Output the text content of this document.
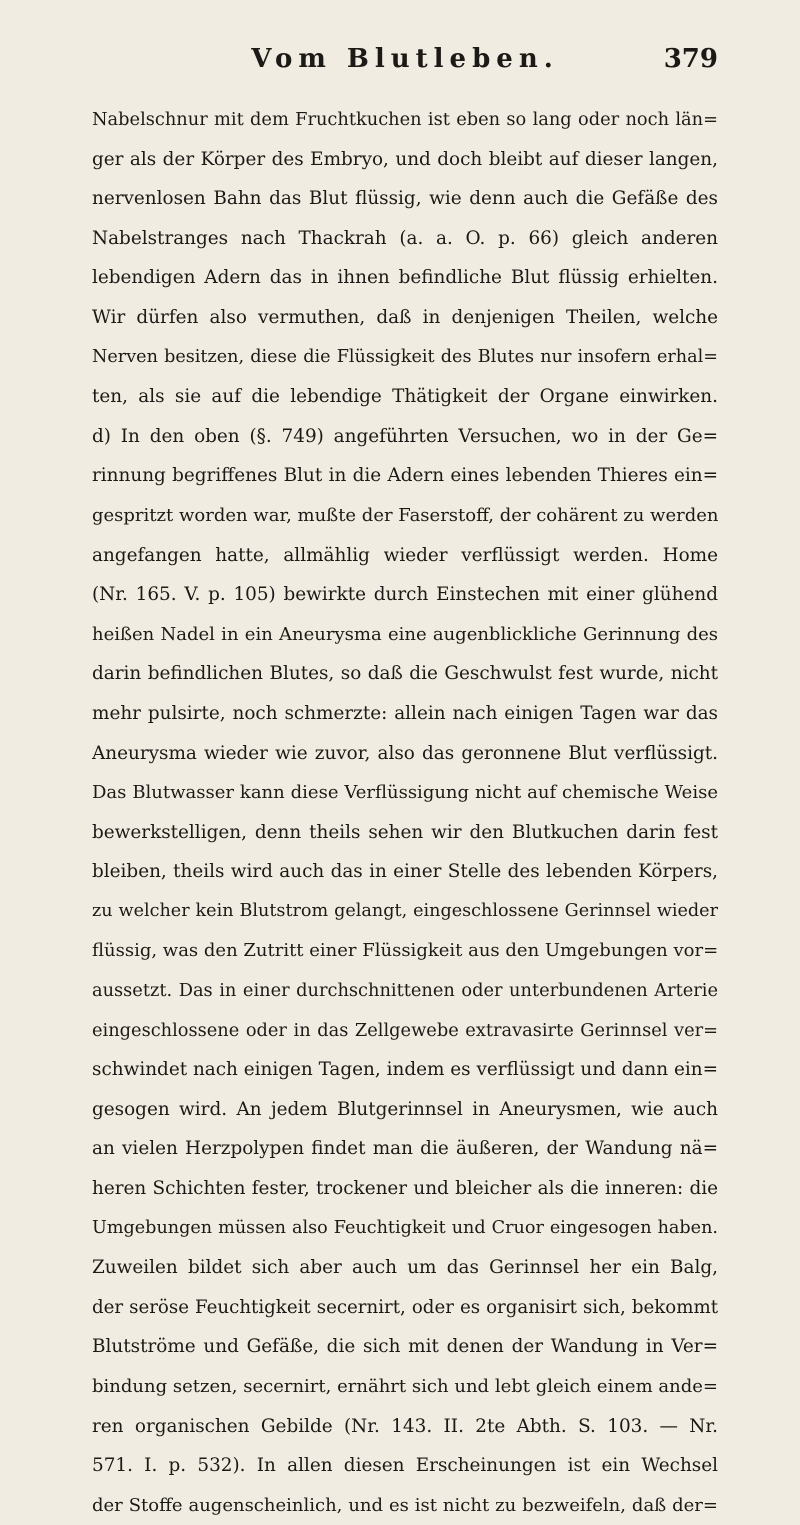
Vom Blutleben.	379
Nabelschnur mit dem Fruchtkuchen ist eben so lang oder noch län=
ger als der Körper des Embryo, und doch bleibt auf dieser langen,
nervenlosen Bahn das Blut flüssig, wie denn auch die Gefäße des
Nabelstranges nach Thackrah (a. a. O. p. 66) gleich anderen
lebendigen Adern das in ihnen befindliche Blut flüssig erhielten.
Wir dürfen also vermuthen, daß in denjenigen Theilen, welche
Nerven besitzen, diese die Flüssigkeit des Blutes nur insofern erhal=
ten, als sie auf die lebendige Thätigkeit der Organe einwirken.
d) In den oben (§. 749) angeführten Versuchen, wo in der Ge=
rinnung begriffenes Blut in die Adern eines lebenden Thieres ein=
gespritzt worden war, mußte der Faserstoff, der cohärent zu werden
angefangen hatte, allmählig wieder verflüssigt werden. Home
(Nr. 165. V. p. 105) bewirkte durch Einstechen mit einer glühend
heißen Nadel in ein Aneurysma eine augenblickliche Gerinnung des
darin befindlichen Blutes, so daß die Geschwulst fest wurde, nicht
mehr pulsirte, noch schmerzte: allein nach einigen Tagen war das
Aneurysma wieder wie zuvor, also das geronnene Blut verflüssigt.
Das Blutwasser kann diese Verflüssigung nicht auf chemische Weise
bewerkstelligen, denn theils sehen wir den Blutkuchen darin fest
bleiben, theils wird auch das in einer Stelle des lebenden Körpers,
zu welcher kein Blutstrom gelangt, eingeschlossene Gerinnsel wieder
flüssig, was den Zutritt einer Flüssigkeit aus den Umgebungen vor=
aussetzt. Das in einer durchschnittenen oder unterbundenen Arterie
eingeschlossene oder in das Zellgewebe extravasirte Gerinnsel ver=
schwindet nach einigen Tagen, indem es verflüssigt und dann ein=
gesogen wird. An jedem Blutgerinnsel in Aneurysmen, wie auch
an vielen Herzpolypen findet man die äußeren, der Wandung nä=
heren Schichten fester, trockener und bleicher als die inneren: die
Umgebungen müssen also Feuchtigkeit und Cruor eingesogen haben.
Zuweilen bildet sich aber auch um das Gerinnsel her ein Balg,
der seröse Feuchtigkeit secernirt, oder es organisirt sich, bekommt
Blutströme und Gefäße, die sich mit denen der Wandung in Ver=
bindung setzen, secernirt, ernährt sich und lebt gleich einem ande=
ren organischen Gebilde (Nr. 143. II. 2te Abth. S. 103. — Nr.
571. I. p. 532). In allen diesen Erscheinungen ist ein Wechsel
der Stoffe augenscheinlich, und es ist nicht zu bezweifeln, daß der=
